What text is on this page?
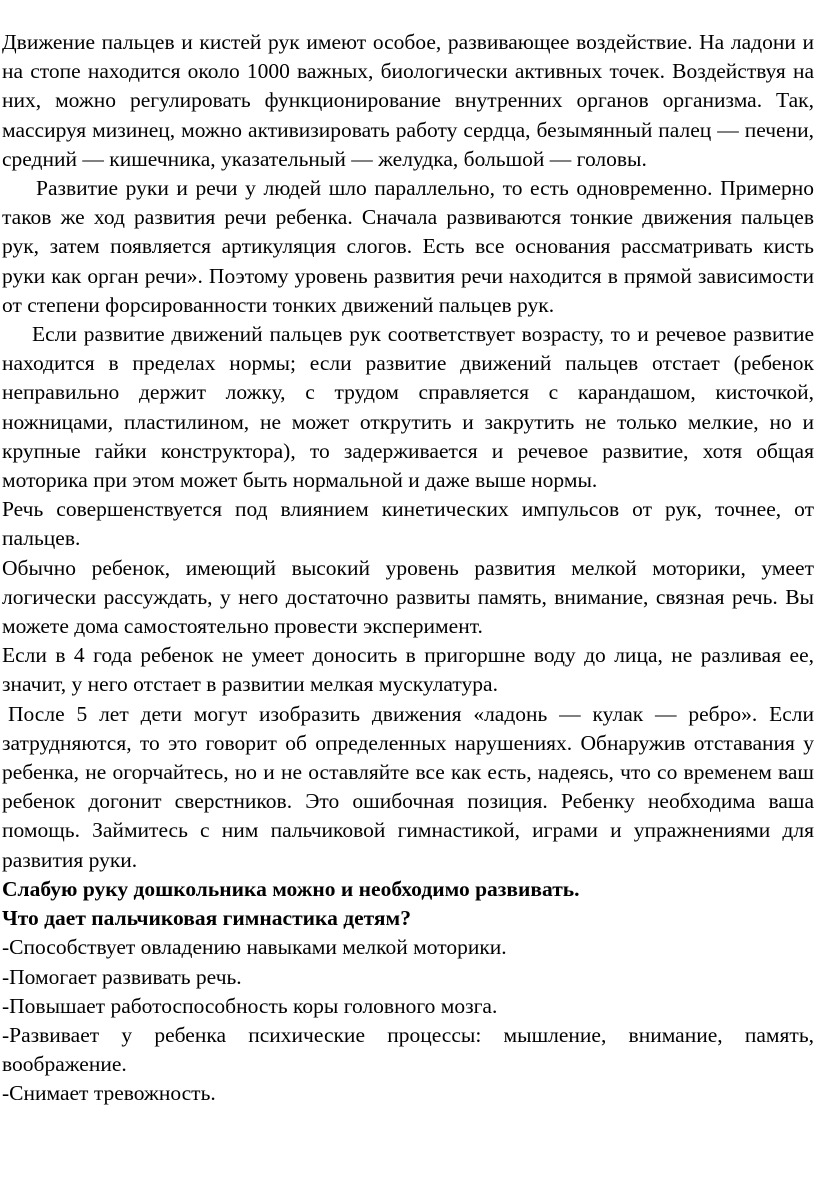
Движение пальцев и кистей рук имеют особое, развивающее воздействие. На ладони и на стопе находится около 1000 важных, биологически активных точек. Воздействуя на них, можно регулировать функционирование внутренних органов организма. Так, массируя мизинец, можно активизировать работу сердца, безымянный палец — печени, средний — кишечника, указательный — желудка, большой — головы.

Развитие руки и речи у людей шло параллельно, то есть одновременно. Примерно таков же ход развития речи ребенка. Сначала развиваются тонкие движения пальцев рук, затем появляется артикуляция слогов. Есть все основания рассматривать кисть руки как орган речи». Поэтому уровень развития речи находится в прямой зависимости от степени форсированности тонких движений пальцев рук.

Если развитие движений пальцев рук соответствует возрасту, то и речевое развитие находится в пределах нормы; если развитие движений пальцев отстает (ребенок неправильно держит ложку, с трудом справляется с карандашом, кисточкой, ножницами, пластилином, не может открутить и закрутить не только мелкие, но и крупные гайки конструктора), то задерживается и речевое развитие, хотя общая моторика при этом может быть нормальной и даже выше нормы.

Речь совершенствуется под влиянием кинетических импульсов от рук, точнее, от пальцев.

Обычно ребенок, имеющий высокий уровень развития мелкой моторики, умеет логически рассуждать, у него достаточно развиты память, внимание, связная речь. Вы можете дома самостоятельно провести эксперимент.

Если в 4 года ребенок не умеет доносить в пригоршне воду до лица, не разливая ее, значит, у него отстает в развитии мелкая мускулатура.

После 5 лет дети могут изобразить движения «ладонь — кулак — ребро». Если затрудняются, то это говорит об определенных нарушениях. Обнаружив отставания у ребенка, не огорчайтесь, но и не оставляйте все как есть, надеясь, что со временем ваш ребенок догонит сверстников. Это ошибочная позиция. Ребенку необходима ваша помощь. Займитесь с ним пальчиковой гимнастикой, играми и упражнениями для развития руки.

Слабую руку дошкольника можно и необходимо развивать.

Что дает пальчиковая гимнастика детям?

-Способствует овладению навыками мелкой моторики.

-Помогает развивать речь.

-Повышает работоспособность коры головного мозга.

-Развивает у ребенка психические процессы: мышление, внимание, память, воображение.

-Снимает тревожность.
